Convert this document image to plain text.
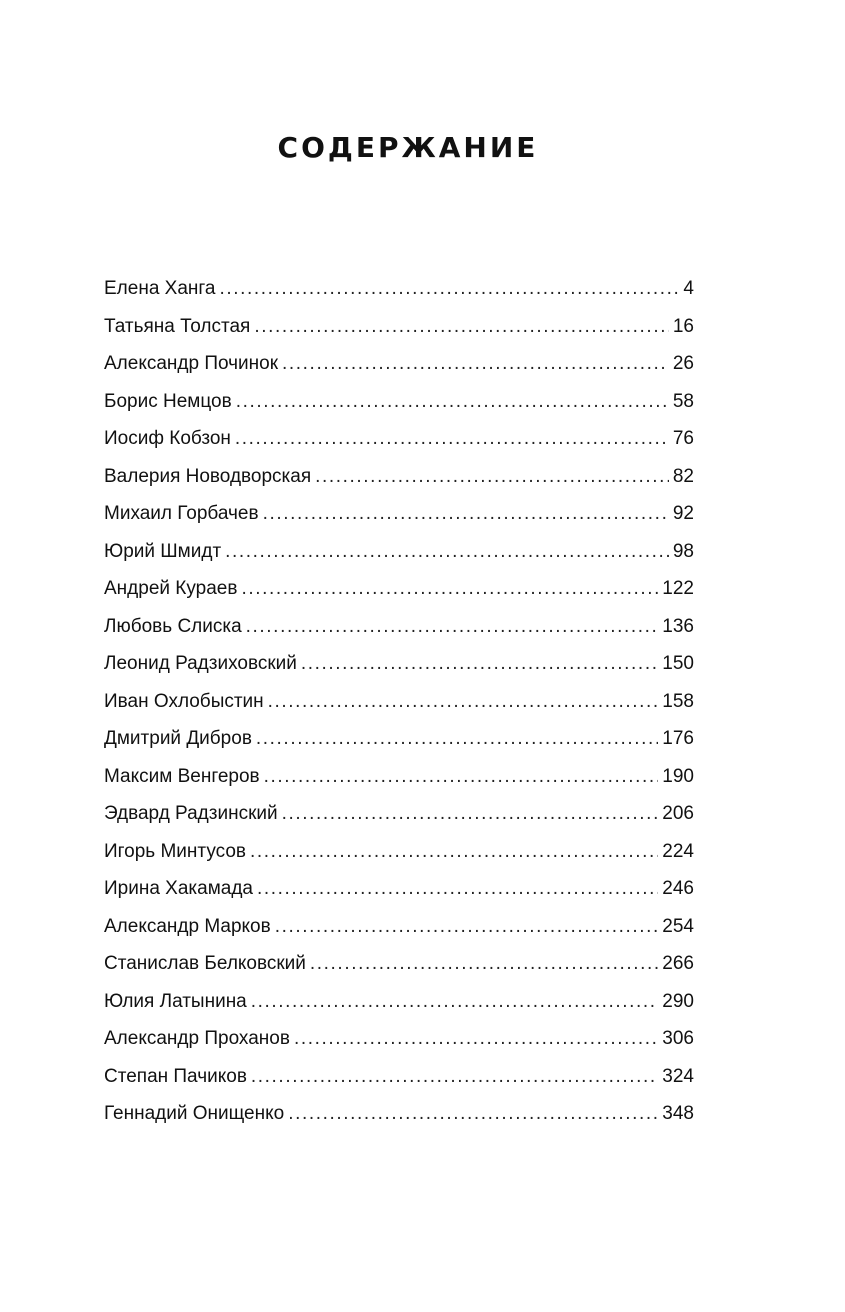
СОДЕРЖАНИЕ
Елена Ханга .....	4
Татьяна Толстая .....	16
Александр Починок .....	26
Борис Немцов .....	58
Иосиф Кобзон .....	76
Валерия Новодворская .....	82
Михаил Горбачев .....	92
Юрий Шмидт .....	98
Андрей Кураев .....	122
Любовь Слиска .....	136
Леонид Радзиховский .....	150
Иван Охлобыстин .....	158
Дмитрий Дибров .....	176
Максим Венгеров .....	190
Эдвард Радзинский .....	206
Игорь Минтусов .....	224
Ирина Хакамада .....	246
Александр Марков .....	254
Станислав Белковский .....	266
Юлия Латынина .....	290
Александр Проханов .....	306
Степан Пачиков .....	324
Геннадий Онищенко .....	348
